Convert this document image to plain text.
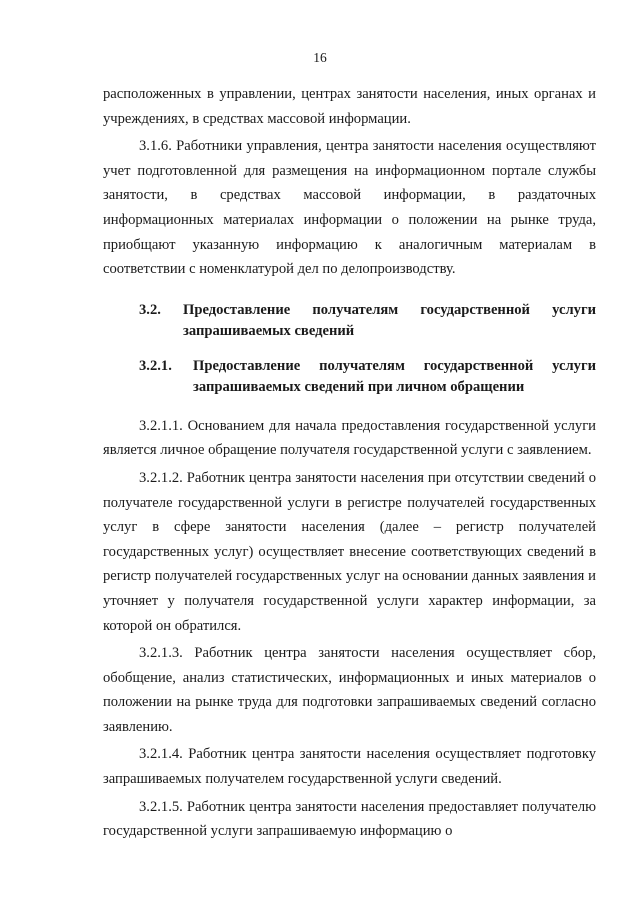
16

расположенных в управлении, центрах занятости населения, иных органах и учреждениях, в средствах массовой информации.

3.1.6. Работники управления, центра занятости населения осуществляют учет подготовленной для размещения на информационном портале службы занятости, в средствах массовой информации, в раздаточных информационных материалах информации о положении на рынке труда, приобщают указанную информацию к аналогичным материалам в соответствии с номенклатурой дел по делопроизводству.

3.2.	Предоставление получателям государственной услуги запрашиваемых сведений
3.2.1.	Предоставление получателям государственной услуги запрашиваемых сведений при личном обращении

3.2.1.1. Основанием для начала предоставления государственной услуги является личное обращение получателя государственной услуги с заявлением.

3.2.1.2. Работник центра занятости населения при отсутствии сведений о получателе государственной услуги в регистре получателей государственных услуг в сфере занятости населения (далее – регистр получателей государственных услуг) осуществляет внесение соответствующих сведений в регистр получателей государственных услуг на основании данных заявления и уточняет у получателя государственной услуги характер информации, за которой он обратился.

3.2.1.3. Работник центра занятости населения осуществляет сбор, обобщение, анализ статистических, информационных и иных материалов о положении на рынке труда для подготовки запрашиваемых сведений согласно заявлению.

3.2.1.4. Работник центра занятости населения осуществляет подготовку запрашиваемых получателем государственной услуги сведений.

3.2.1.5. Работник центра занятости населения предоставляет получателю государственной услуги запрашиваемую информацию о
